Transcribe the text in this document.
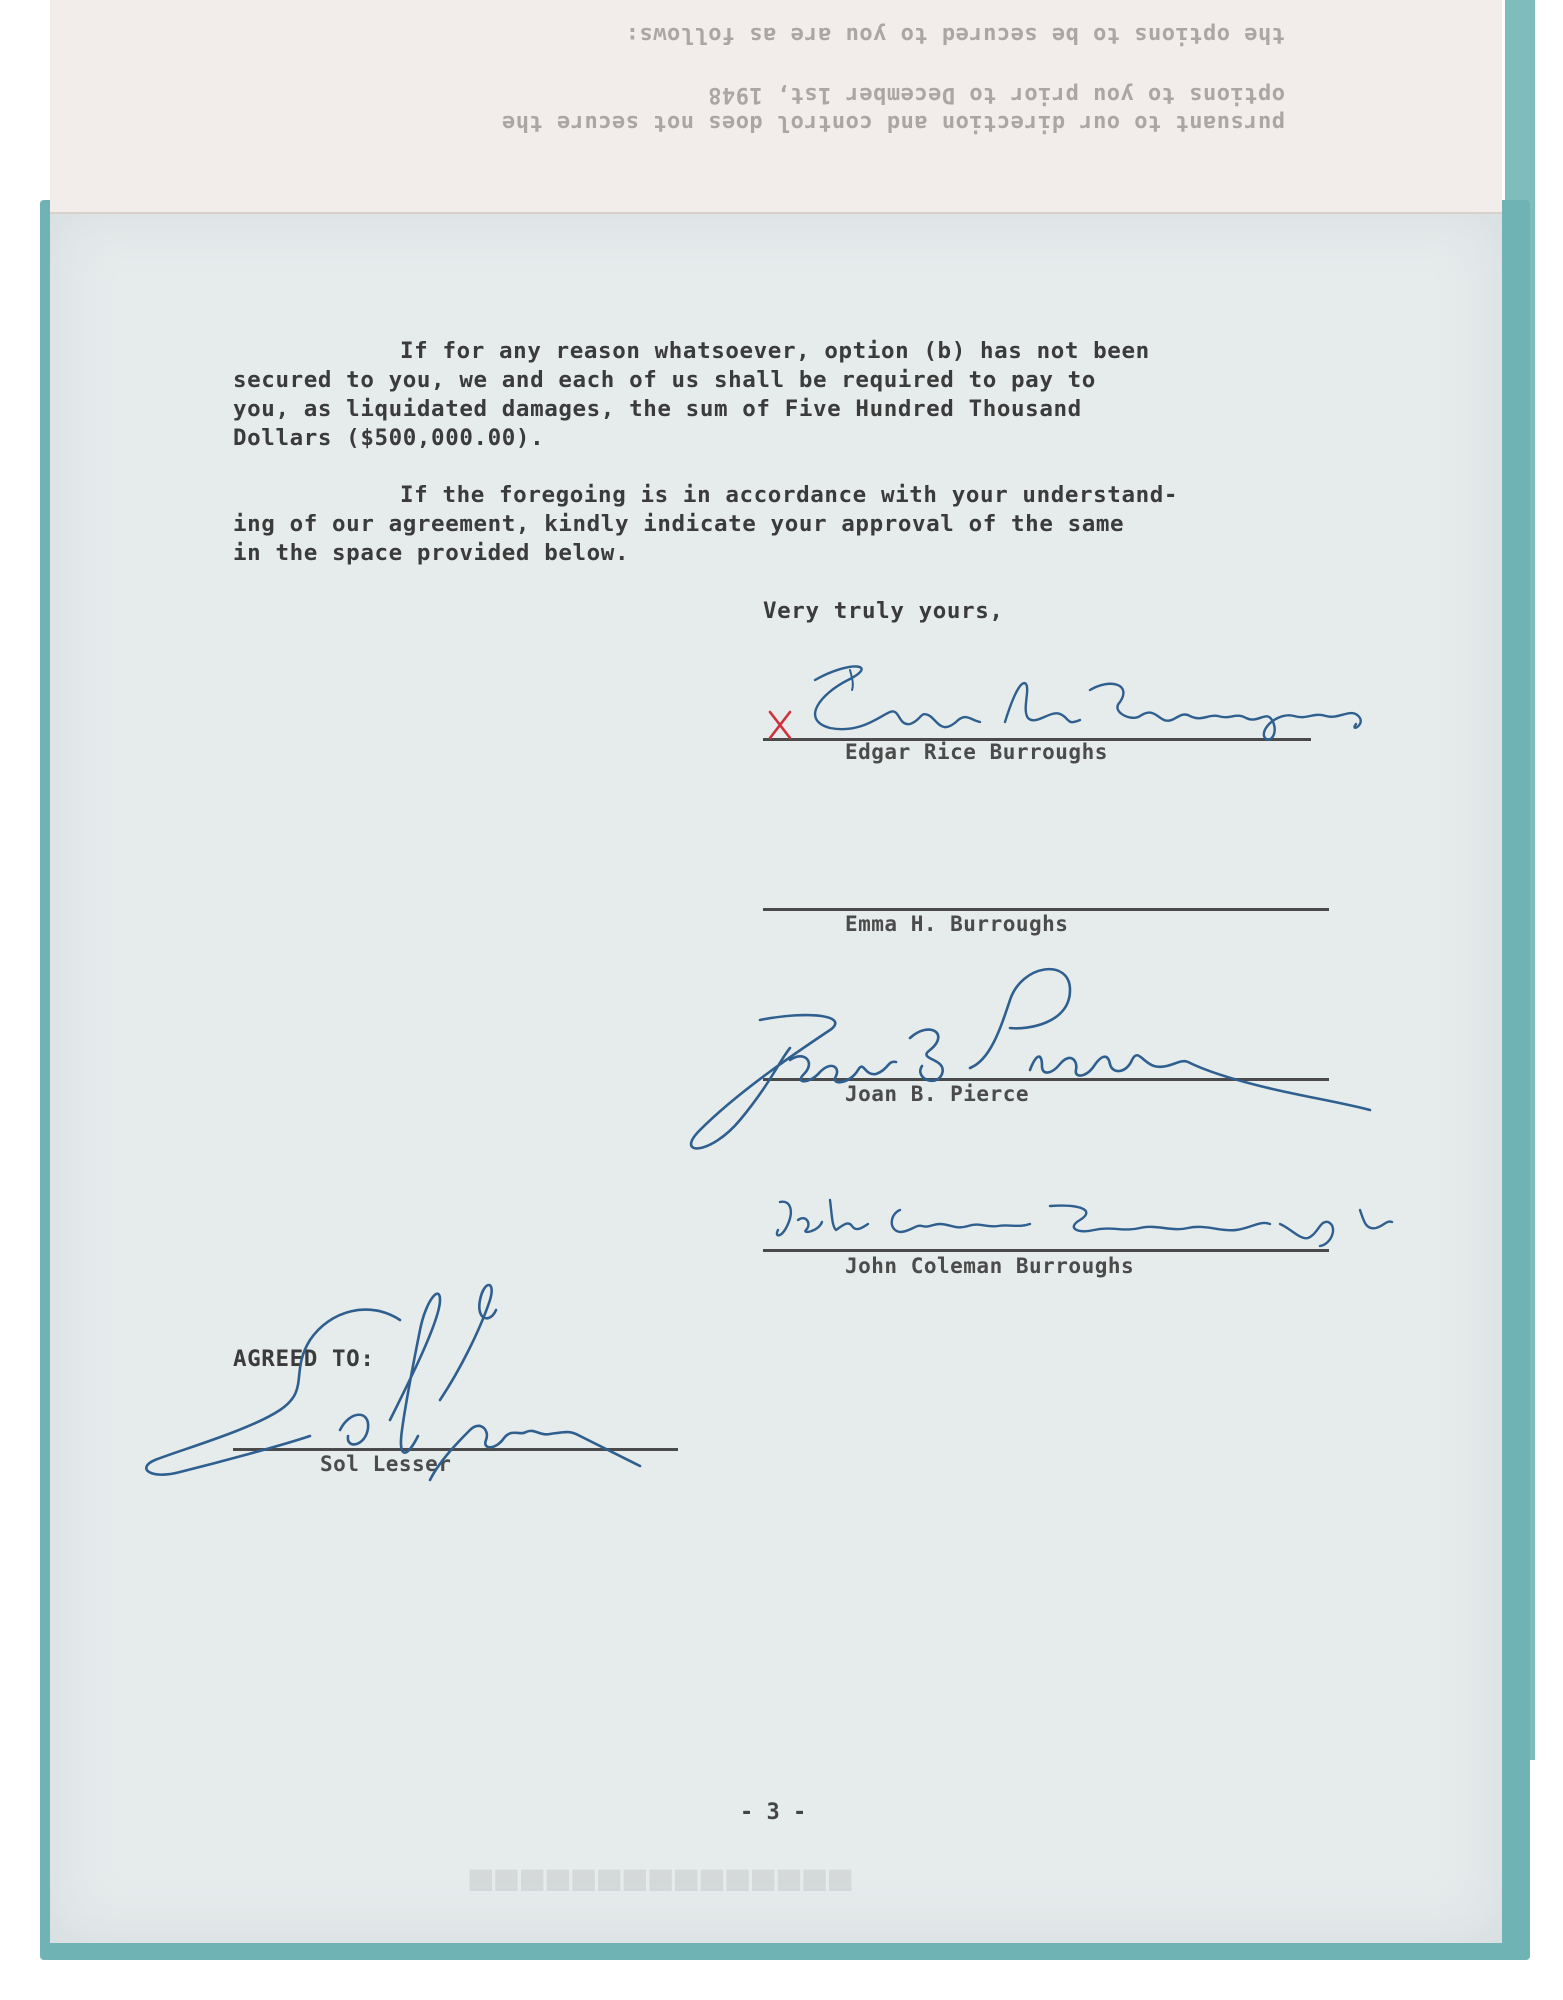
the options to be secured to you are as follows:
options to you prior to December 1st, 1948
pursuant to our direction and control does not secure the
If for any reason whatsoever, option (b) has not been
secured to you, we and each of us shall be required to pay to
you, as liquidated damages, the sum of Five Hundred Thousand
Dollars ($500,000.00).
If the foregoing is in accordance with your understand-
ing of our agreement, kindly indicate your approval of the same
in the space provided below.
Very truly yours,
Edgar Rice Burroughs
Emma H. Burroughs
Joan B. Pierce
John Coleman Burroughs
AGREED TO:
Sol Lesser
- 3 -
▄▄▄▄▄▄▄▄▄▄▄▄▄▄▄
